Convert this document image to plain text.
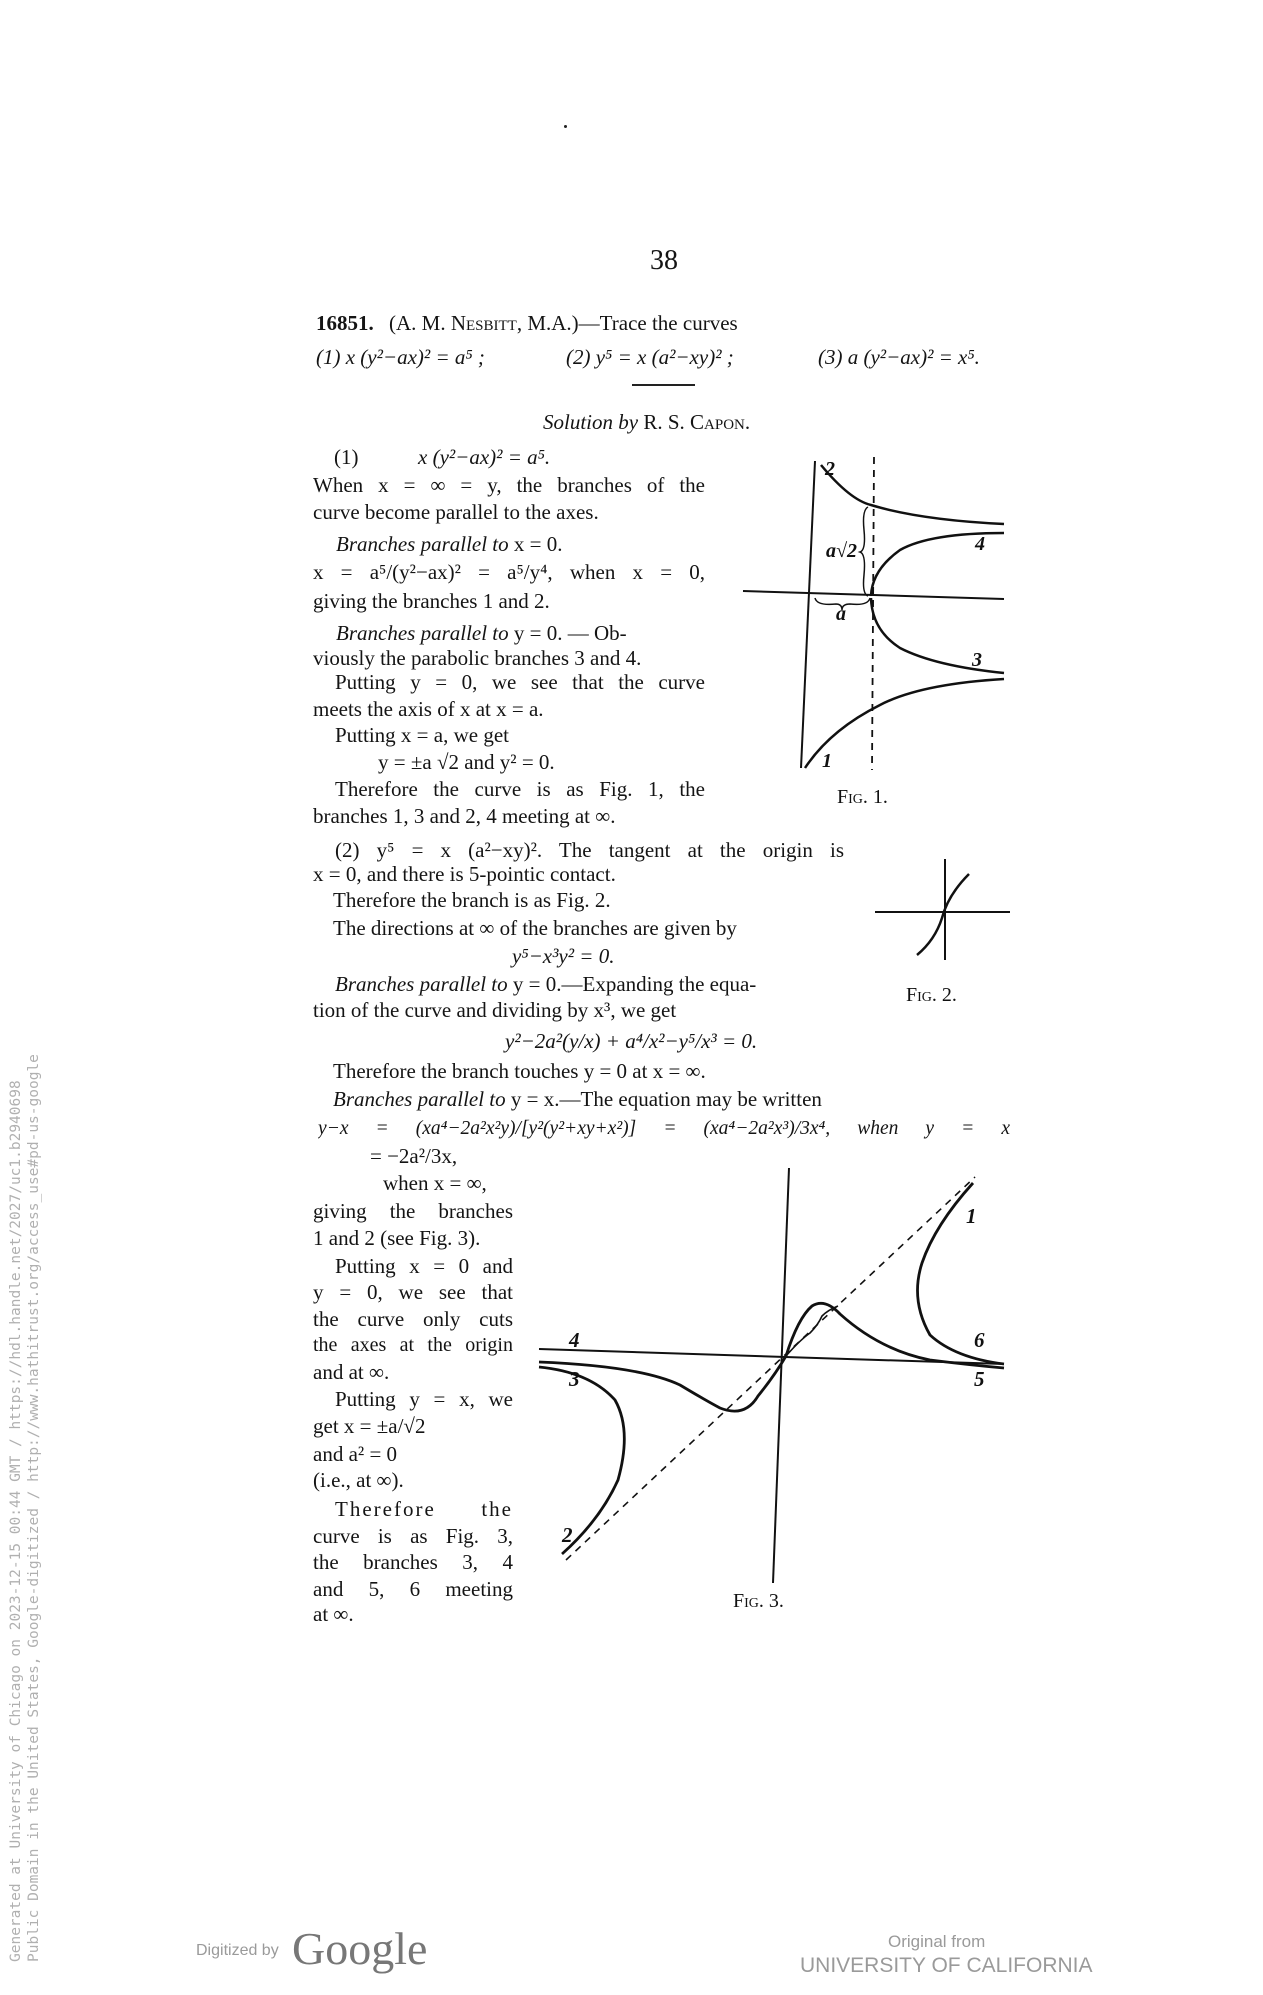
Generated at University of Chicago on 2023-12-15 00:44 GMT / https://hdl.handle.net/2027/uc1.b2940698 Public Domain in the United States, Google-digitized / http://www.hathitrust.org/access_use#pd-us-google
38
16851. (A. M. Nesbitt, M.A.)—Trace the curves
(1) x (y²−ax)² = a⁵ ;	(2) y⁵ = x (a²−xy)² ;	(3) a (y²−ax)² = x⁵.
Solution by R. S. Capon.
(1)	x (y²−ax)² = a⁵.
When x = ∞ = y, the branches of the
curve become parallel to the axes.
Branches parallel to x = 0.
x = a⁵/(y²−ax)² = a⁵/y⁴, when x = 0,
giving the branches 1 and 2.
Branches parallel to y = 0. — Ob-
viously the parabolic branches 3 and 4.
Putting y = 0, we see that the curve
meets the axis of x at x = a.
Putting x = a, we get
y = ±a √2 and y² = 0.
Therefore the curve is as Fig. 1, the
branches 1, 3 and 2, 4 meeting at ∞.
(2) y⁵ = x (a²−xy)². The tangent at the origin is
x = 0, and there is 5-pointic contact.
Therefore the branch is as Fig. 2.
The directions at ∞ of the branches are given by
y⁵−x³y² = 0.
Branches parallel to y = 0.—Expanding the equa-
tion of the curve and dividing by x³, we get
y²−2a²(y/x) + a⁴/x²−y⁵/x³ = 0.
Therefore the branch touches y = 0 at x = ∞.
Branches parallel to y = x.—The equation may be written
y−x = (xa⁴−2a²x²y)/[y²(y²+xy+x²)] = (xa⁴−2a²x³)/3x⁴, when y = x
= −2a²/3x,
when x = ∞,
giving the branches
1 and 2 (see Fig. 3).
Putting x = 0 and
y = 0, we see that
the curve only cuts
the axes at the origin
and at ∞.
Putting y = x, we
get x = ±a/√2
and a² = 0
(i.e., at ∞).
Therefore the
curve is as Fig. 3,
the branches 3, 4
and 5, 6 meeting
at ∞.
2
4
3
1
a√2
a
Fig. 1.
Fig. 2.
1
2
3
4
5
6
Fig. 3.
Digitized by Google	Original from
UNIVERSITY OF CALIFORNIA
